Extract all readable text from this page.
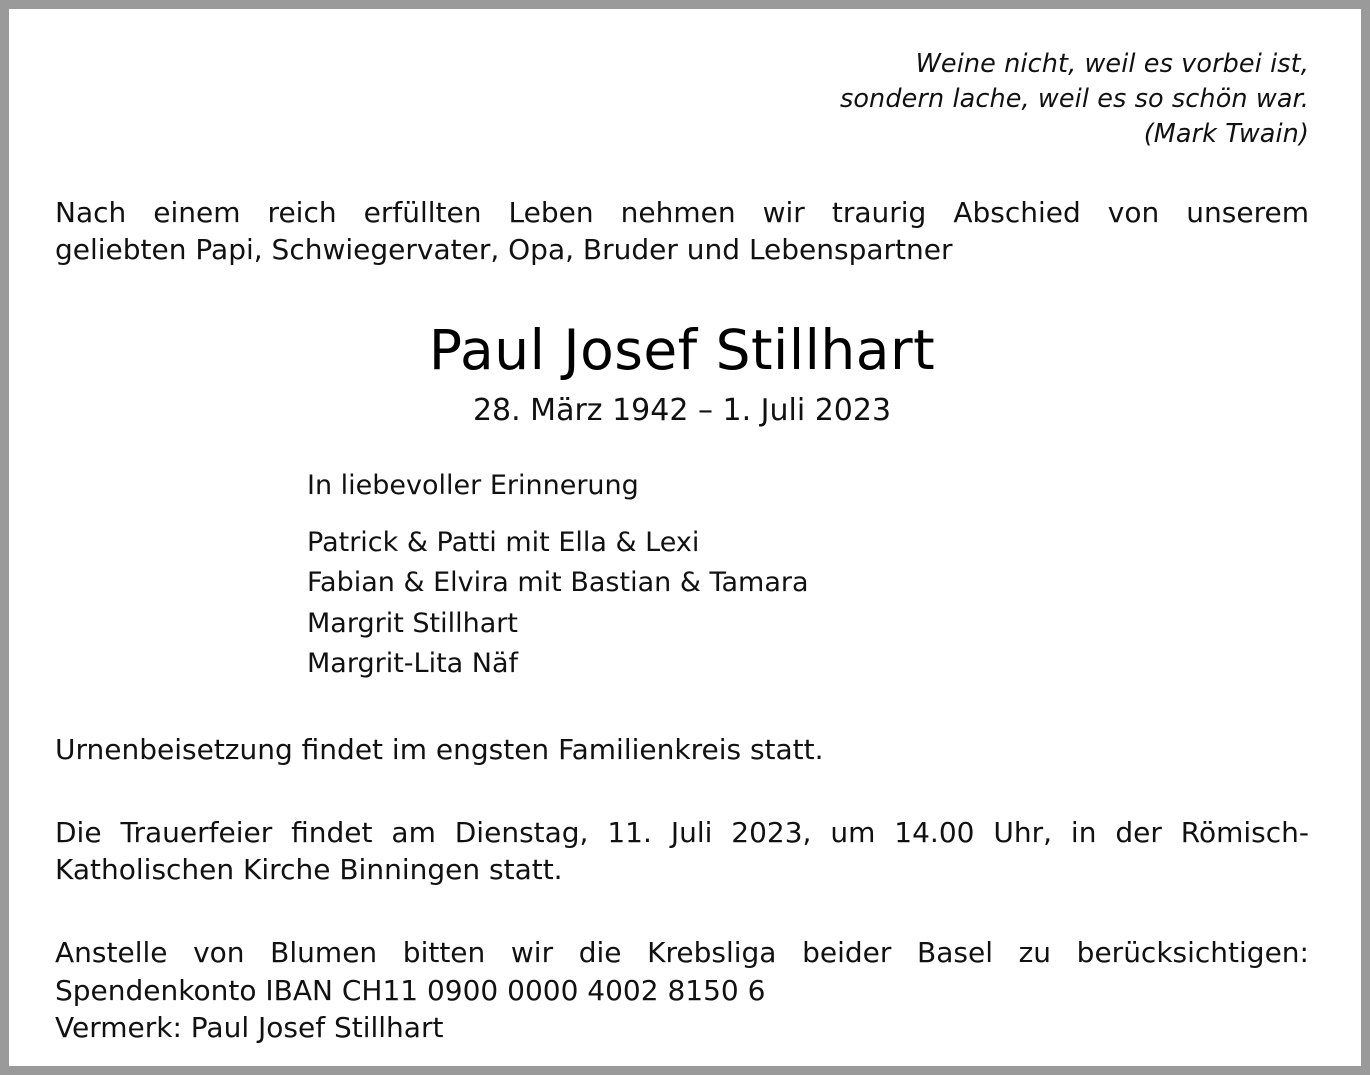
Weine nicht, weil es vorbei ist,
sondern lache, weil es so schön war.
(Mark Twain)
Nach einem reich erfüllten Leben nehmen wir traurig Abschied von unserem
geliebten Papi, Schwiegervater, Opa, Bruder und Lebenspartner
Paul Josef Stillhart
28. März 1942 – 1. Juli 2023
In liebevoller Erinnerung
Patrick & Patti mit Ella & Lexi
Fabian & Elvira mit Bastian & Tamara
Margrit Stillhart
Margrit-Lita Näf
Urnenbeisetzung findet im engsten Familienkreis statt.
Die Trauerfeier findet am Dienstag, 11. Juli 2023, um 14.00 Uhr, in der Römisch-
Katholischen Kirche Binningen statt.
Anstelle von Blumen bitten wir die Krebsliga beider Basel zu berücksichtigen:
Spendenkonto IBAN CH11 0900 0000 4002 8150 6
Vermerk: Paul Josef Stillhart
